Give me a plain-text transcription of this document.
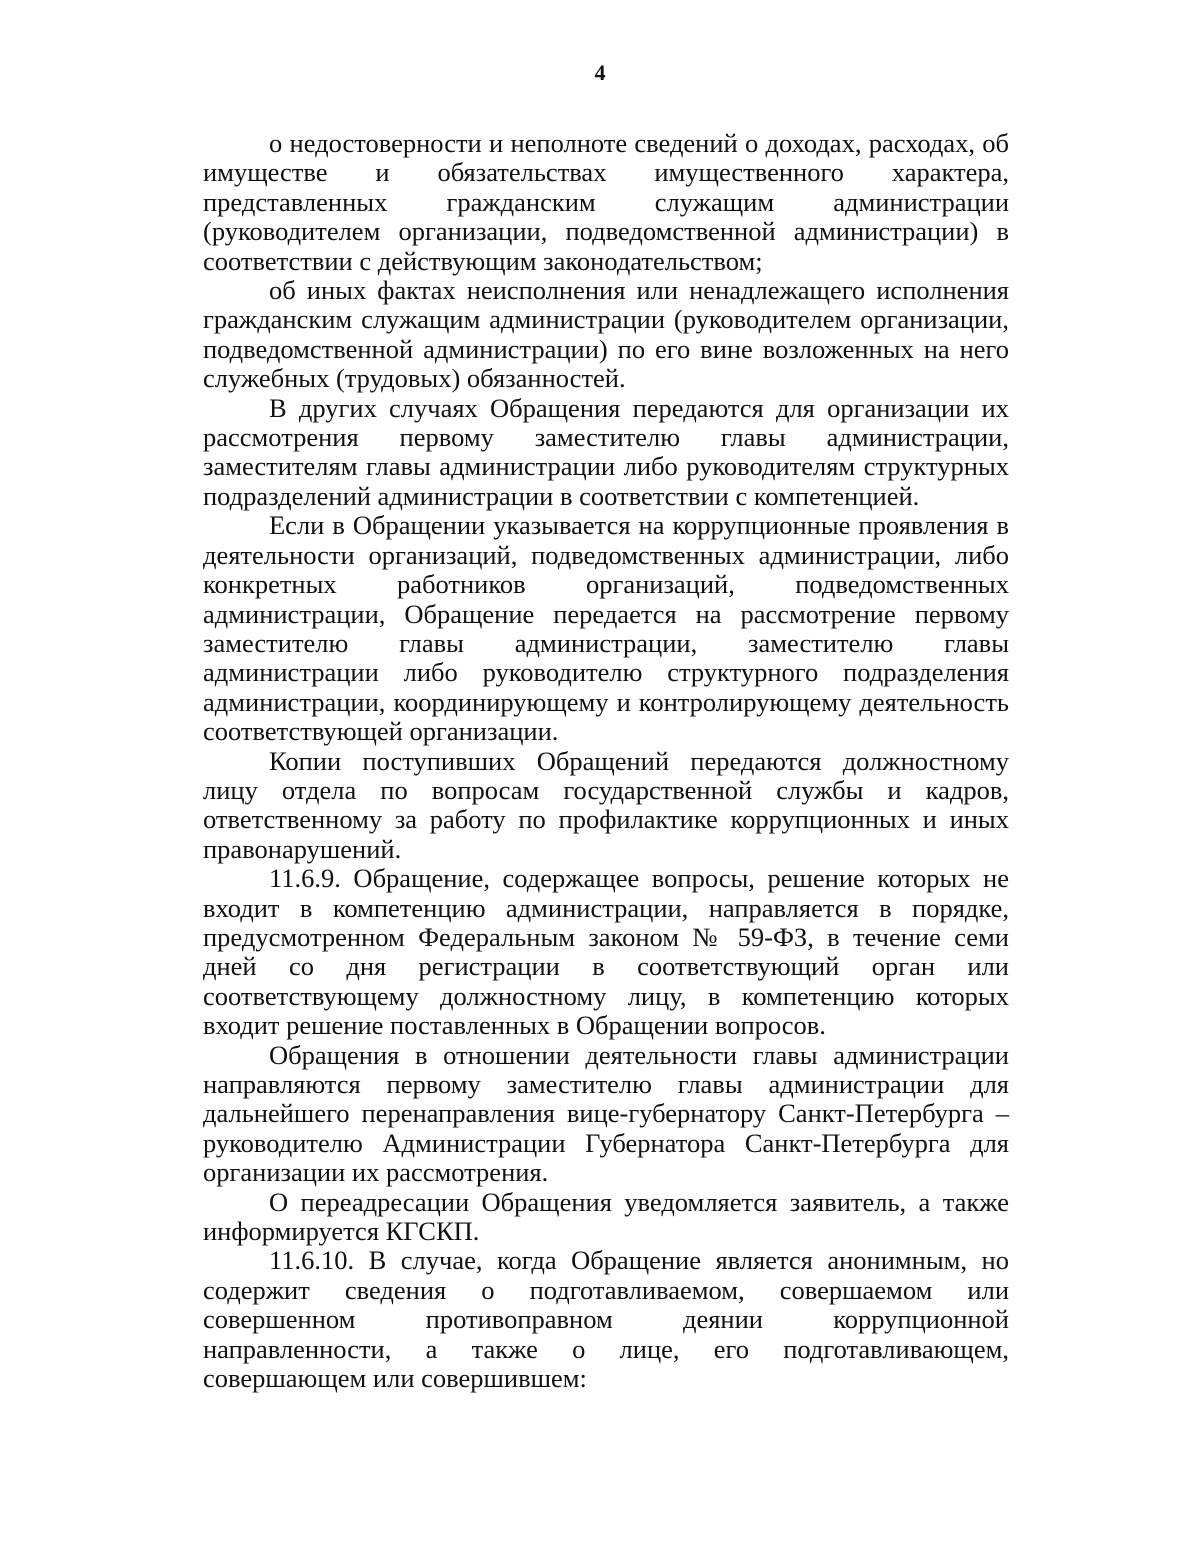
4

о недостоверности и неполноте сведений о доходах, расходах, об имуществе и обязательствах имущественного характера, представленных гражданским служащим администрации (руководителем организации, подведомственной администрации) в соответствии с действующим законодательством;

об иных фактах неисполнения или ненадлежащего исполнения гражданским служащим администрации (руководителем организации, подведомственной администрации) по его вине возложенных на него служебных (трудовых) обязанностей.

В других случаях Обращения передаются для организации их рассмотрения первому заместителю главы администрации, заместителям главы администрации либо руководителям структурных подразделений администрации в соответствии с компетенцией.

Если в Обращении указывается на коррупционные проявления в деятельности организаций, подведомственных администрации, либо конкретных работников организаций, подведомственных администрации, Обращение передается на рассмотрение первому заместителю главы администрации, заместителю главы администрации либо руководителю структурного подразделения администрации, координирующему и контролирующему деятельность соответствующей организации.

Копии поступивших Обращений передаются должностному лицу отдела по вопросам государственной службы и кадров, ответственному за работу по профилактике коррупционных и иных правонарушений.

11.6.9. Обращение, содержащее вопросы, решение которых не входит в компетенцию администрации, направляется в порядке, предусмотренном Федеральным законом № 59-ФЗ, в течение семи дней со дня регистрации в соответствующий орган или соответствующему должностному лицу, в компетенцию которых входит решение поставленных в Обращении вопросов.

Обращения в отношении деятельности главы администрации направляются первому заместителю главы администрации для дальнейшего перенаправления вице-губернатору Санкт-Петербурга – руководителю Администрации Губернатора Санкт-Петербурга для организации их рассмотрения.

О переадресации Обращения уведомляется заявитель, а также информируется КГСКП.

11.6.10. В случае, когда Обращение является анонимным, но содержит сведения о подготавливаемом, совершаемом или совершенном противоправном деянии коррупционной направленности, а также о лице, его подготавливающем, совершающем или совершившем:
